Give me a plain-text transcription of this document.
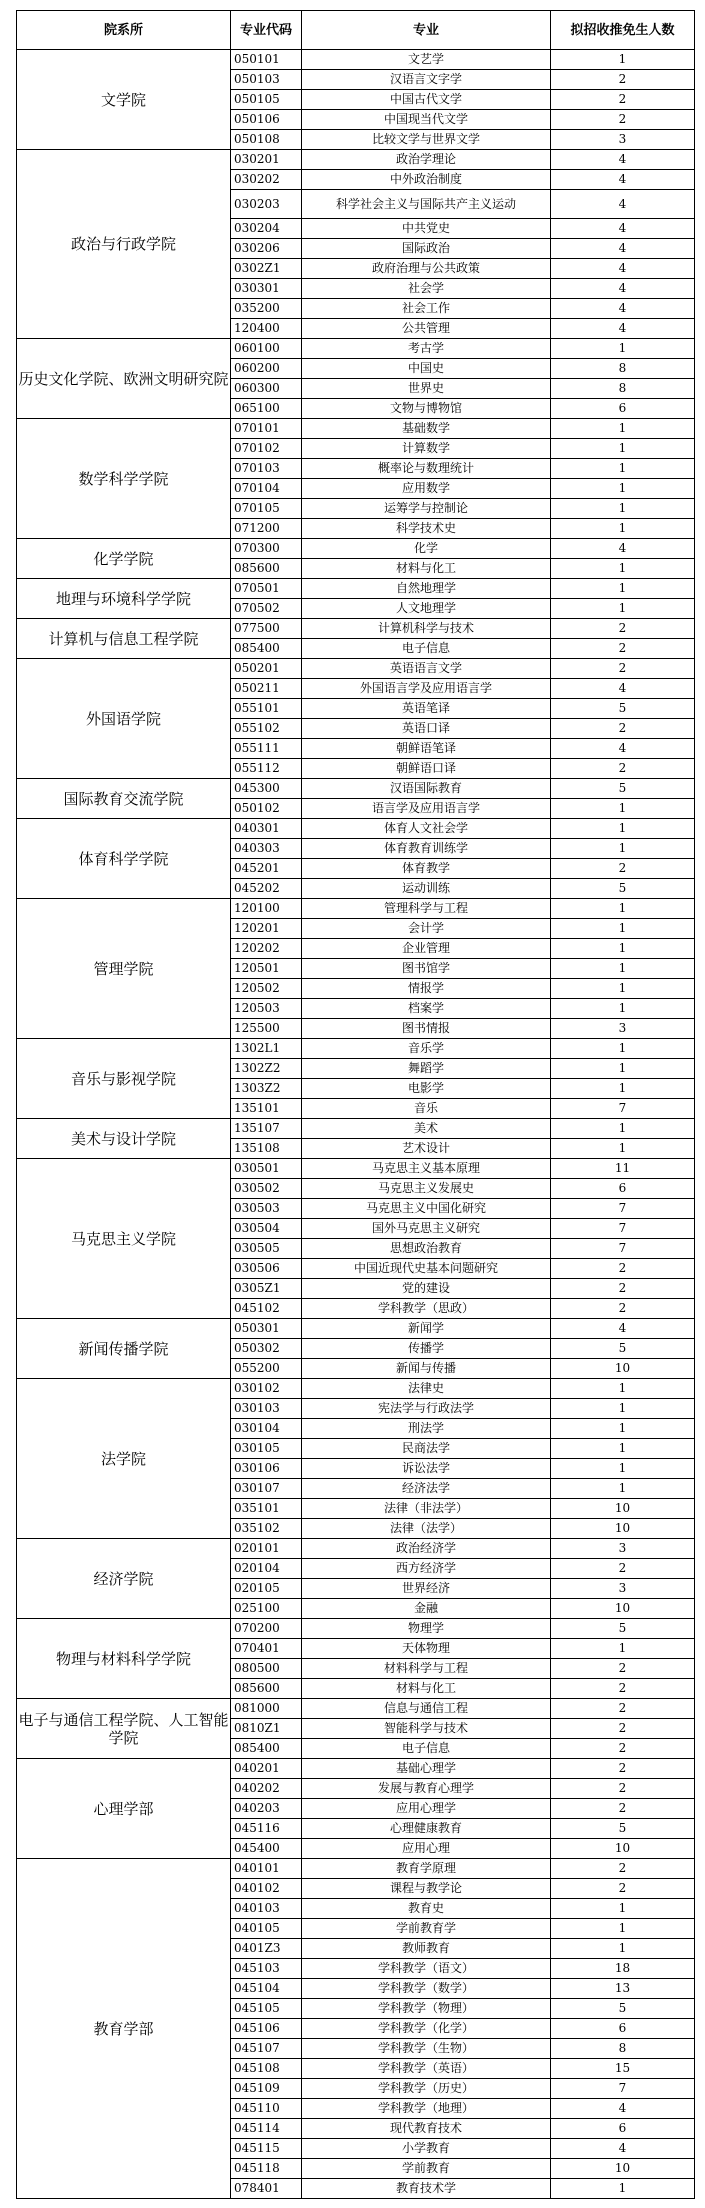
院系所	专业代码	专业	拟招收推免生人数
文学院	050101	文艺学	1
	050103	汉语言文字学	2
	050105	中国古代文学	2
	050106	中国现当代文学	2
	050108	比较文学与世界文学	3
政治与行政学院	030201	政治学理论	4
	030202	中外政治制度	4
	030203	科学社会主义与国际共产主义运动	4
	030204	中共党史	4
	030206	国际政治	4
	0302Z1	政府治理与公共政策	4
	030301	社会学	4
	035200	社会工作	4
	120400	公共管理	4
历史文化学院、欧洲文明研究院	060100	考古学	1
	060200	中国史	8
	060300	世界史	8
	065100	文物与博物馆	6
数学科学学院	070101	基础数学	1
	070102	计算数学	1
	070103	概率论与数理统计	1
	070104	应用数学	1
	070105	运筹学与控制论	1
	071200	科学技术史	1
化学学院	070300	化学	4
	085600	材料与化工	1
地理与环境科学学院	070501	自然地理学	1
	070502	人文地理学	1
计算机与信息工程学院	077500	计算机科学与技术	2
	085400	电子信息	2
外国语学院	050201	英语语言文学	2
	050211	外国语言学及应用语言学	4
	055101	英语笔译	5
	055102	英语口译	2
	055111	朝鲜语笔译	4
	055112	朝鲜语口译	2
国际教育交流学院	045300	汉语国际教育	5
	050102	语言学及应用语言学	1
体育科学学院	040301	体育人文社会学	1
	040303	体育教育训练学	1
	045201	体育教学	2
	045202	运动训练	5
管理学院	120100	管理科学与工程	1
	120201	会计学	1
	120202	企业管理	1
	120501	图书馆学	1
	120502	情报学	1
	120503	档案学	1
	125500	图书情报	3
音乐与影视学院	1302L1	音乐学	1
	1302Z2	舞蹈学	1
	1303Z2	电影学	1
	135101	音乐	7
美术与设计学院	135107	美术	1
	135108	艺术设计	1
马克思主义学院	030501	马克思主义基本原理	11
	030502	马克思主义发展史	6
	030503	马克思主义中国化研究	7
	030504	国外马克思主义研究	7
	030505	思想政治教育	7
	030506	中国近现代史基本问题研究	2
	0305Z1	党的建设	2
	045102	学科教学（思政）	2
新闻传播学院	050301	新闻学	4
	050302	传播学	5
	055200	新闻与传播	10
法学院	030102	法律史	1
	030103	宪法学与行政法学	1
	030104	刑法学	1
	030105	民商法学	1
	030106	诉讼法学	1
	030107	经济法学	1
	035101	法律（非法学）	10
	035102	法律（法学）	10
经济学院	020101	政治经济学	3
	020104	西方经济学	2
	020105	世界经济	3
	025100	金融	10
物理与材料科学学院	070200	物理学	5
	070401	天体物理	1
	080500	材料科学与工程	2
	085600	材料与化工	2
电子与通信工程学院、人工智能学院	081000	信息与通信工程	2
	0810Z1	智能科学与技术	2
	085400	电子信息	2
心理学部	040201	基础心理学	2
	040202	发展与教育心理学	2
	040203	应用心理学	2
	045116	心理健康教育	5
	045400	应用心理	10
教育学部	040101	教育学原理	2
	040102	课程与教学论	2
	040103	教育史	1
	040105	学前教育学	1
	0401Z3	教师教育	1
	045103	学科教学（语文）	18
	045104	学科教学（数学）	13
	045105	学科教学（物理）	5
	045106	学科教学（化学）	6
	045107	学科教学（生物）	8
	045108	学科教学（英语）	15
	045109	学科教学（历史）	7
	045110	学科教学（地理）	4
	045114	现代教育技术	6
	045115	小学教育	4
	045118	学前教育	10
	078401	教育技术学	1
